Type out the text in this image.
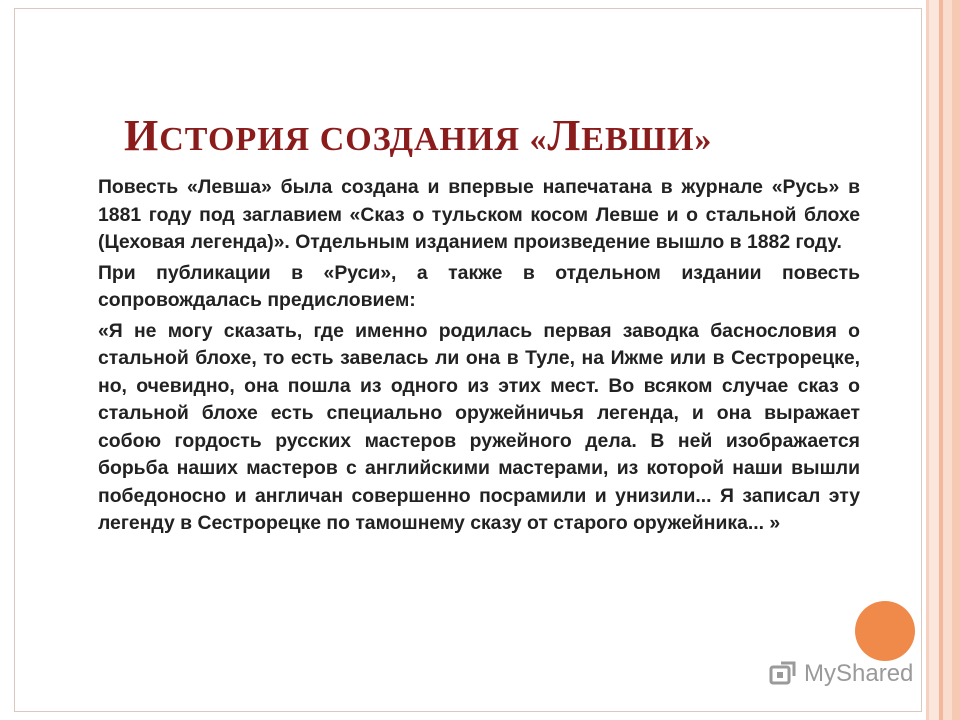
ИСТОРИЯ СОЗДАНИЯ «ЛЕВШИ»

Повесть «Левша» была создана и впервые напечатана в журнале «Русь» в 1881 году под заглавием «Сказ о тульском косом Левше и о стальной блохе (Цеховая легенда)». Отдельным изданием произведение вышло в 1882 году.

При публикации в «Руси», а также в отдельном издании повесть сопровождалась предисловием:

«Я не могу сказать, где именно родилась первая заводка баснословия о стальной блохе, то есть завелась ли она в Туле, на Ижме или в Сестрорецке, но, очевидно, она пошла из одного из этих мест. Во всяком случае сказ о стальной блохе есть специально оружейничья легенда, и она выражает собою гордость русских мастеров ружейного дела. В ней изображается борьба наших мастеров с английскими мастерами, из которой наши вышли победоносно и англичан совершенно посрамили и унизили... Я записал эту легенду в Сестрорецке по тамошнему сказу от старого оружейника... »

MyShared
